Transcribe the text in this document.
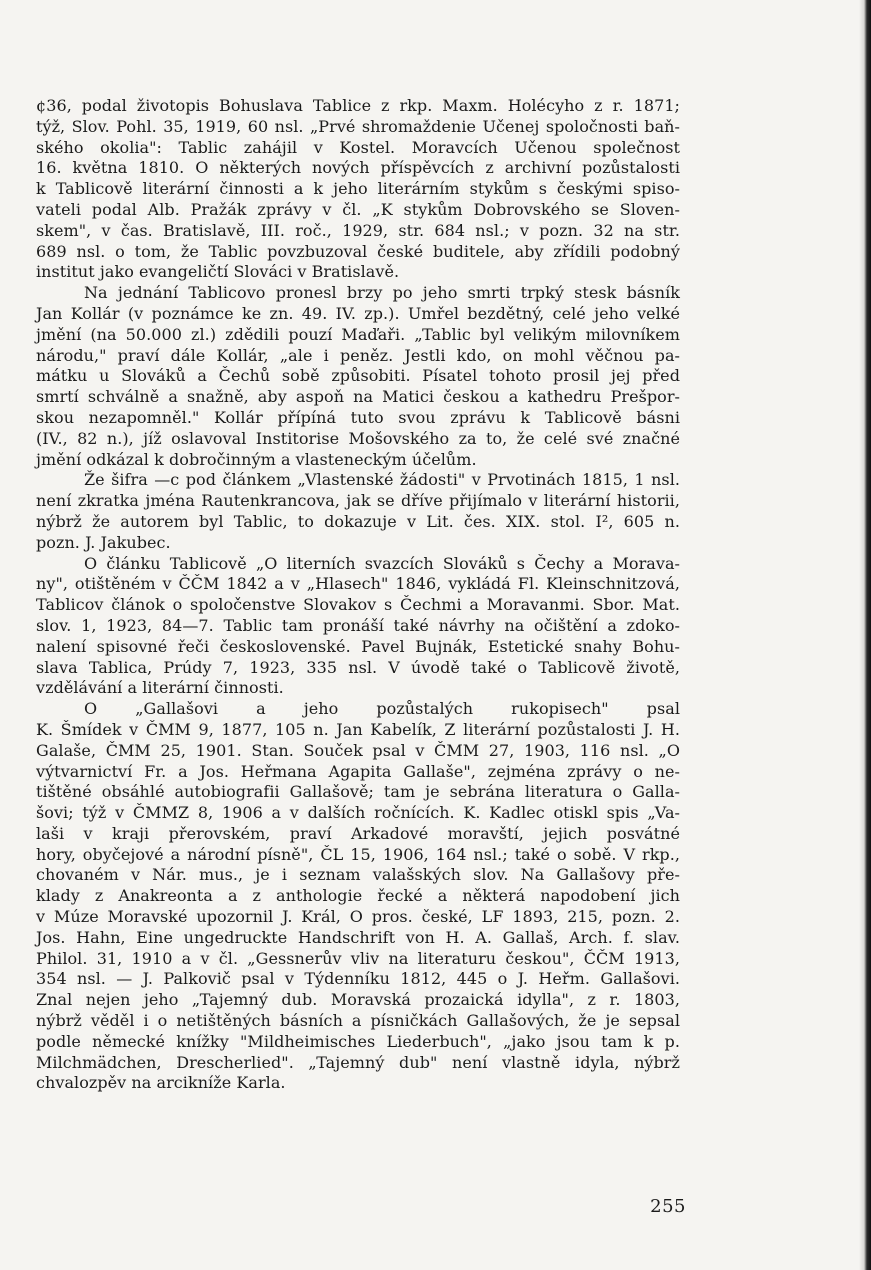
¢36, podal životopis Bohuslava Tablice z rkp. Maxm. Holécyho z r. 1871;
týž, Slov. Pohl. 35, 1919, 60 nsl. „Prvé shromaždenie Učenej spoločnosti baň-
ského okolia": Tablic zahájil v Kostel. Moravcích Učenou společnost
16. května 1810. O některých nových příspěvcích z archivní pozůstalosti
k Tablicově literární činnosti a k jeho literárním stykům s českými spiso-
vateli podal Alb. Pražák zprávy v čl. „K stykům Dobrovského se Sloven-
skem", v čas. Bratislavě, III. roč., 1929, str. 684 nsl.; v pozn. 32 na str.
689 nsl. o tom, že Tablic povzbuzoval české buditele, aby zřídili podobný
institut jako evangeličtí Slováci v Bratislavě.
Na jednání Tablicovo pronesl brzy po jeho smrti trpký stesk básník
Jan Kollár (v poznámce ke zn. 49. IV. zp.). Umřel bezdětný, celé jeho velké
jmění (na 50.000 zl.) zdědili pouzí Maďaři. „Tablic byl velikým milovníkem
národu," praví dále Kollár, „ale i peněz. Jestli kdo, on mohl věčnou pa-
mátku u Slováků a Čechů sobě způsobiti. Písatel tohoto prosil jej před
smrtí schválně a snažně, aby aspoň na Matici českou a kathedru Prešpor-
skou nezapomněl." Kollár přípíná tuto svou zprávu k Tablicově básni
(IV., 82 n.), jíž oslavoval Institorise Mošovského za to, že celé své značné
jmění odkázal k dobročinným a vlasteneckým účelům.
Že šifra —c pod článkem „Vlastenské žádosti" v Prvotinách 1815, 1 nsl.
není zkratka jména Rautenkrancova, jak se dříve přijímalo v literární historii,
nýbrž že autorem byl Tablic, to dokazuje v Lit. čes. XIX. stol. I², 605 n.
pozn. J. Jakubec.
O článku Tablicově „O literních svazcích Slováků s Čechy a Morava-
ny", otištěném v ČČM 1842 a v „Hlasech" 1846, vykládá Fl. Kleinschnitzová,
Tablicov článok o spoločenstve Slovakov s Čechmi a Moravanmi. Sbor. Mat.
slov. 1, 1923, 84—7. Tablic tam pronáší také návrhy na očištění a zdoko-
nalení spisovné řeči československé. Pavel Bujnák, Estetické snahy Bohu-
slava Tablica, Prúdy 7, 1923, 335 nsl. V úvodě také o Tablicově životě,
vzdělávání a literární činnosti.
O „Gallašovi a jeho pozůstalých rukopisech" psal
K. Šmídek v ČMM 9, 1877, 105 n. Jan Kabelík, Z literární pozůstalosti J. H.
Galaše, ČMM 25, 1901. Stan. Souček psal v ČMM 27, 1903, 116 nsl. „O
výtvarnictví Fr. a Jos. Heřmana Agapita Gallaše", zejména zprávy o ne-
tištěné obsáhlé autobiografii Gallašově; tam je sebrána literatura o Galla-
šovi; týž v ČMMZ 8, 1906 a v dalších ročnících. K. Kadlec otiskl spis „Va-
laši v kraji přerovském, praví Arkadové moravští, jejich posvátné
hory, obyčejové a národní písně", ČL 15, 1906, 164 nsl.; také o sobě. V rkp.,
chovaném v Nár. mus., je i seznam valašských slov. Na Gallašovy pře-
klady z Anakreonta a z anthologie řecké a některá napodobení jich
v Múze Moravské upozornil J. Král, O pros. české, LF 1893, 215, pozn. 2.
Jos. Hahn, Eine ungedruckte Handschrift von H. A. Gallaš, Arch. f. slav.
Philol. 31, 1910 a v čl. „Gessnerův vliv na literaturu českou", ČČM 1913,
354 nsl. — J. Palkovič psal v Týdenníku 1812, 445 o J. Heřm. Gallašovi.
Znal nejen jeho „Tajemný dub. Moravská prozaická idylla", z r. 1803,
nýbrž věděl i o netištěných básních a písničkách Gallašových, že je sepsal
podle německé knížky "Mildheimisches Liederbuch", „jako jsou tam k p.
Milchmädchen, Drescherlied". „Tajemný dub" není vlastně idyla, nýbrž
chvalozpěv na arcikníže Karla.
255
